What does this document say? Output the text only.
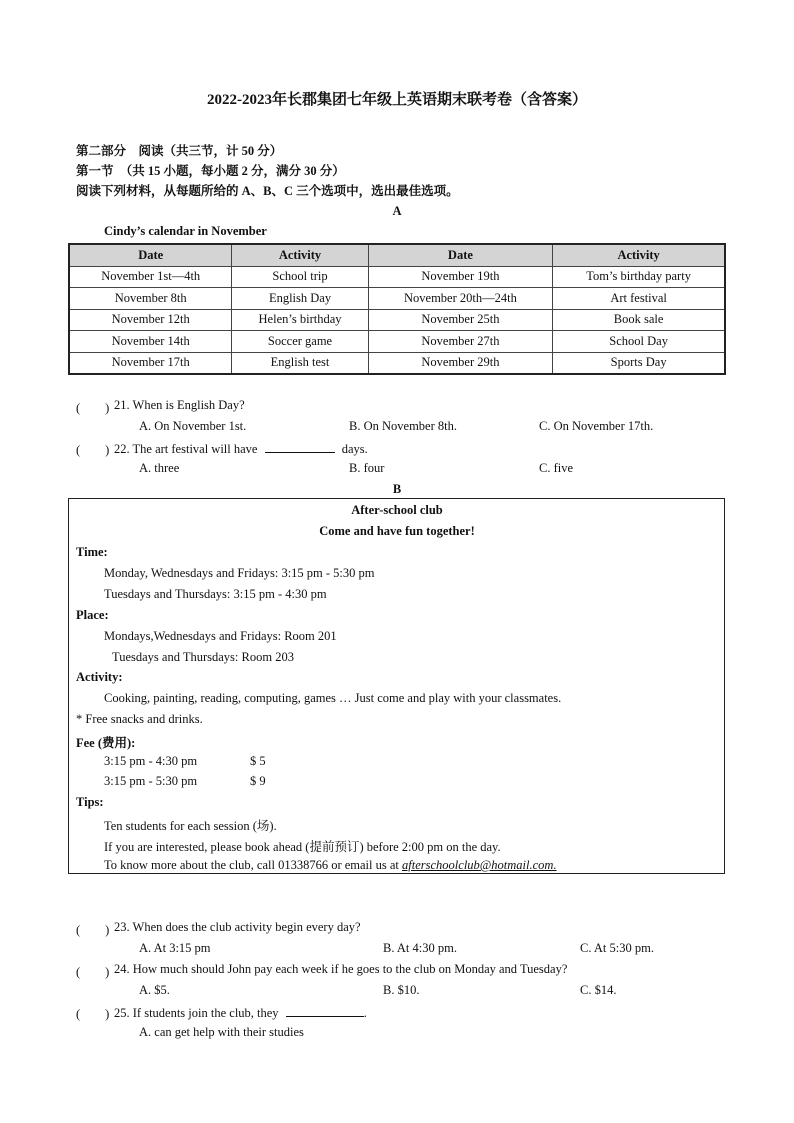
2022-2023年长郡集团七年级上英语期末联考卷（含答案）
第二部分　阅读（共三节，计 50 分）
第一节　（共 15 小题，每小题 2 分，满分 30 分）
阅读下列材料，从每题所给的 A、B、C 三个选项中，选出最佳选项。
A
Cindy’s calendar in November
Date	Activity	Date	Activity
November 1st—4th	School trip	November 19th	Tom’s birthday party
November 8th	English Day	November 20th—24th	Art festival
November 12th	Helen’s birthday	November 25th	Book sale
November 14th	Soccer game	November 27th	School Day
November 17th	English test	November 29th	Sports Day
(　　) 21. When is English Day?
A. On November 1st.	B. On November 8th.	C. On November 17th.
(　　) 22. The art festival will have	days.
A. three	B. four	C. five
B
After-school club
Come and have fun together!
Time:
Monday, Wednesdays and Fridays: 3:15 pm - 5:30 pm
Tuesdays and Thursdays: 3:15 pm - 4:30 pm
Place:
Mondays,Wednesdays and Fridays: Room 201
Tuesdays and Thursdays: Room 203
Activity:
Cooking, painting, reading, computing, games … Just come and play with your classmates.
* Free snacks and drinks.
Fee (费用):
3:15 pm - 4:30 pm	$ 5
3:15 pm - 5:30 pm	$ 9
Tips:
Ten students for each session (场).
If you are interested, please book ahead (提前预订) before 2:00 pm on the day.
To know more about the club, call 01338766 or email us at afterschoolclub@hotmail.com.
(　　) 23. When does the club activity begin every day?
A. At 3:15 pm	B. At 4:30 pm.	C. At 5:30 pm.
(　　) 24. How much should John pay each week if he goes to the club on Monday and Tuesday?
A. $5.	B. $10.	C. $14.
(　　) 25. If students join the club, they	.
A. can get help with their studies
